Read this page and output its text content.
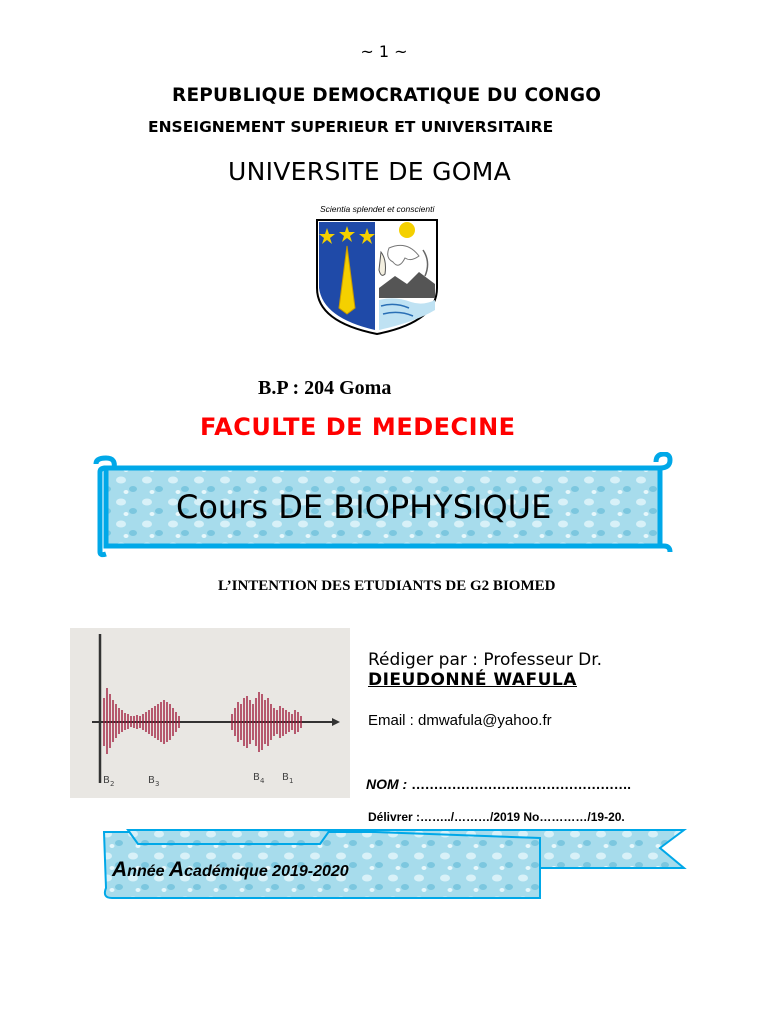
~ 1 ~
REPUBLIQUE DEMOCRATIQUE DU CONGO
ENSEIGNEMENT SUPERIEUR ET UNIVERSITAIRE
UNIVERSITE DE GOMA
Scientia splendet et conscienti
B.P : 204 Goma
FACULTE DE MEDECINE
Cours DE BIOPHYSIQUE
L’INTENTION DES ETUDIANTS DE G2 BIOMED
B 2	B 3
B 4 B 1
Rédiger par : Professeur Dr.
DIEUDONNÉ WAFULA
Email : dmwafula@yahoo.fr
NOM : ………………………………………….
Délivrer :……../………/2019 No…………/19-20.
Année Académique 2019-2020
